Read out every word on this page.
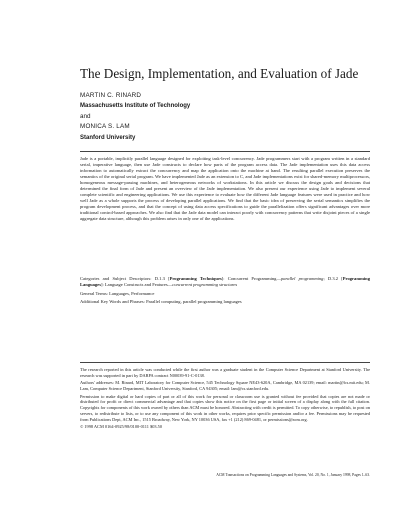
The Design, Implementation, and Evaluation of Jade
MARTIN C. RINARD
Massachusetts Institute of Technology
and
MONICA S. LAM
Stanford University
Jade is a portable, implicitly parallel language designed for exploiting task-level concurrency. Jade programmers start with a program written in a standard serial, imperative language, then use Jade constructs to declare how parts of the program access data. The Jade implementation uses this data access information to automatically extract the concurrency and map the application onto the machine at hand. The resulting parallel execution preserves the semantics of the original serial program. We have implemented Jade as an extension to C, and Jade implementations exist for shared-memory multiprocessors, homogeneous message-passing machines, and heterogeneous networks of workstations. In this article we discuss the design goals and decisions that determined the final form of Jade and present an overview of the Jade implementation. We also present our experience using Jade to implement several complete scientific and engineering applications. We use this experience to evaluate how the different Jade language features were used in practice and how well Jade as a whole supports the process of developing parallel applications. We find that the basic idea of preserving the serial semantics simplifies the program development process, and that the concept of using data access specifications to guide the parallelization offers significant advantages over more traditional control-based approaches. We also find that the Jade data model can interact poorly with concurrency patterns that write disjoint pieces of a single aggregate data structure, although this problem arises in only one of the applications.

Categories and Subject Descriptors: D.1.3 [Programming Techniques]: Concurrent Programming—parallel programming; D.3.2 [Programming Languages]: Language Constructs and Features—concurrent programming structures

General Terms: Languages, Performance

Additional Key Words and Phrases: Parallel computing, parallel programming languages

The research reported in this article was conducted while the first author was a graduate student in the Computer Science Department at Stanford University. The research was supported in part by DARPA contract N00039-91-C-0138.

Authors' addresses: M. Rinard, MIT Laboratory for Computer Science, 545 Technology Square NE43-620A, Cambridge, MA 02139; email: martin@lcs.mit.edu; M. Lam, Computer Science Department, Stanford University, Stanford, CA 94305; email: lam@cs.stanford.edu.

Permission to make digital or hard copies of part or all of this work for personal or classroom use is granted without fee provided that copies are not made or distributed for profit or direct commercial advantage and that copies show this notice on the first page or initial screen of a display along with the full citation. Copyrights for components of this work owned by others than ACM must be honored. Abstracting with credit is permitted. To copy otherwise, to republish, to post on servers, to redistribute to lists, or to use any component of this work in other works, requires prior specific permission and/or a fee. Permissions may be requested from Publications Dept, ACM Inc., 1515 Broadway, New York, NY 10036 USA, fax +1 (212) 869-0481, or permissions@acm.org.

© 1998 ACM 0164-0925/98/0100-0111 $03.50

ACM Transactions on Programming Languages and Systems, Vol. 20, No. 1, January 1998, Pages 1–63.
